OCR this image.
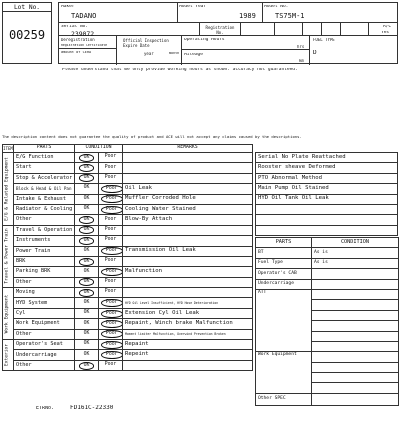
Lot No.
00259
Maker
TADANO
Model Year
1989
Model No.
TS75M-1
Serial No.
239072
Registration No.
A/C
Yes
Deregistration
Registration Certificate
amount of CERA
Official Inspection Expire Date
year	month
Operating Hours
hrs
Mileage
km
FUEL TYPE
D
Please understand that we only provide working hours as shown. accuracy not guaranteed.
The description content does not guarantee the quality of product and ACE will not accept any claims caused by the descriptions.
ITEM	PARTS	CONDITION		REMARKS

E/G & Related Equipment	E/G Function	OK	Poor	
	Start	OK	Poor	
	Stop & Accelerator	OK	Poor	
	Block & Head & Oil Pan	OK	Poor	Oil Leak
	Intake & Exhaust	OK	Poor	Muffler Corroded Hole
	Radiator & Cooling	OK	Poor	Cooling Water Stained
	Other	OK	Poor	Blow-By Attach

Travel & Power Train	Travel & Operation	OK	Poor	
	Instruments	OK	Poor	
	Power Train	OK	Poor	Transmission Oil Leak
	BRK	OK	Poor	
	Parking BRK	OK	Poor	Malfunction
	Other	OK	Poor	

Work Equipment	Moving	OK	Poor	
	HYD System	OK	Poor	HYD Oil Level Insufficient, HYD Hose Deterioration
	Cyl	OK	Poor	Extension Cyl Oil Leak
	Work Equipment	OK	Poor	Repaint, Winch brake Malfunction
	Other	OK	Poor	Moment limiter Malfunction, Overwind Prevention Broken

Exterior	Operator's Seat	OK	Poor	Repaint
	Undercarriage	OK	Poor	Repeint
	Other	OK	Poor	
Serial No Plate Reattached
Rooster sheave Deformed
PTO Abnormal Method
Main Pump Oil Stained
HYD Oil Tank Oil Leak

PARTS	CONDITION
BT	As is
Fuel Type	As is
Operator's CAB	
Undercarriage	
ATT	

Work Equipment	

Other SPEC	
ETRNo.	FD161C-22330
